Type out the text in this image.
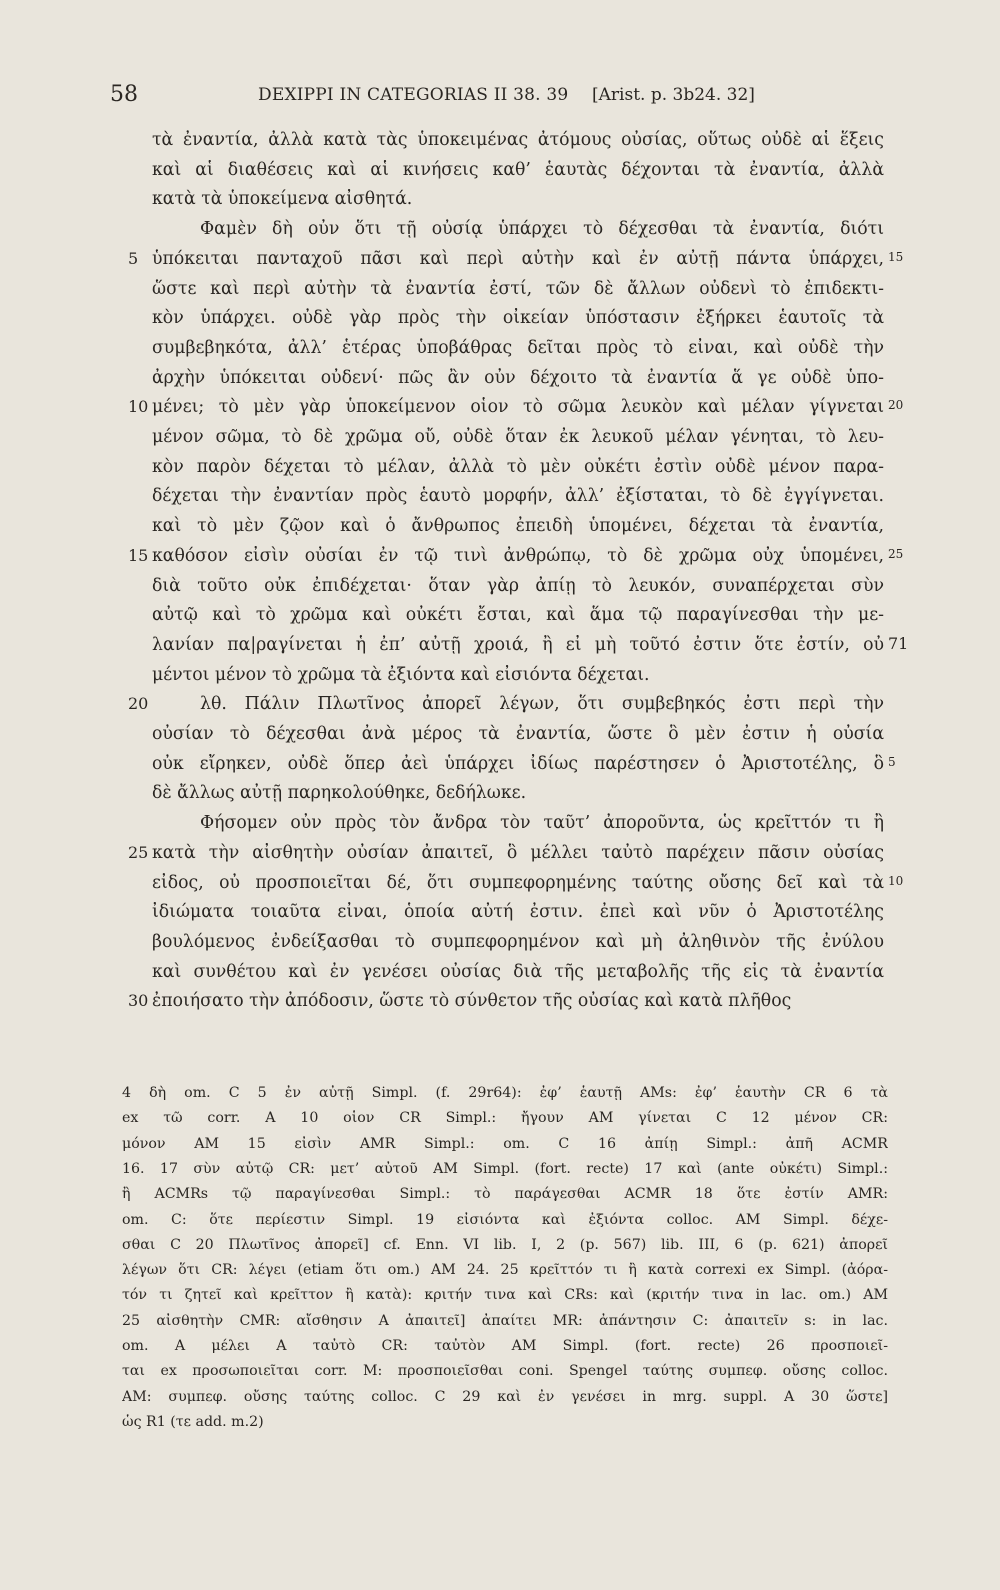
58	DEXIPPI IN CATEGORIAS II 38. 39 [Arist. p. 3b24. 32]
τὰ ἐναντία, ἀλλὰ κατὰ τὰς ὑποκειμένας ἀτόμους οὐσίας, οὕτως οὐδὲ αἱ ἕξεις
καὶ αἱ διαθέσεις καὶ αἱ κινήσεις καθ’ ἑαυτὰς δέχονται τὰ ἐναντία, ἀλλὰ
κατὰ τὰ ὑποκείμενα αἰσθητά.
Φαμὲν δὴ οὖν ὅτι τῇ οὐσίᾳ ὑπάρχει τὸ δέχεσθαι τὰ ἐναντία, διότι
5 ὑπόκειται πανταχοῦ πᾶσι καὶ περὶ αὐτὴν καὶ ἐν αὐτῇ πάντα ὑπάρχει, 15
ὥστε καὶ περὶ αὐτὴν τὰ ἐναντία ἐστί, τῶν δὲ ἄλλων οὐδενὶ τὸ ἐπιδεκτι-
κὸν ὑπάρχει. οὐδὲ γὰρ πρὸς τὴν οἰκείαν ὑπόστασιν ἐξήρκει ἑαυτοῖς τὰ
συμβεβηκότα, ἀλλ’ ἑτέρας ὑποβάθρας δεῖται πρὸς τὸ εἶναι, καὶ οὐδὲ τὴν
ἀρχὴν ὑπόκειται οὐδενί· πῶς ἂν οὖν δέχοιτο τὰ ἐναντία ἅ γε οὐδὲ ὑπο-
10 μένει; τὸ μὲν γὰρ ὑποκείμενον οἷον τὸ σῶμα λευκὸν καὶ μέλαν γίγνεται 20
μένον σῶμα, τὸ δὲ χρῶμα οὔ, οὐδὲ ὅταν ἐκ λευκοῦ μέλαν γένηται, τὸ λευ-
κὸν παρὸν δέχεται τὸ μέλαν, ἀλλὰ τὸ μὲν οὐκέτι ἐστὶν οὐδὲ μένον παρα-
δέχεται τὴν ἐναντίαν πρὸς ἑαυτὸ μορφήν, ἀλλ’ ἐξίσταται, τὸ δὲ ἐγγίγνεται.
καὶ τὸ μὲν ζῷον καὶ ὁ ἄνθρωπος ἐπειδὴ ὑπομένει, δέχεται τὰ ἐναντία,
15 καθόσον εἰσὶν οὐσίαι ἐν τῷ τινὶ ἀνθρώπῳ, τὸ δὲ χρῶμα οὐχ ὑπομένει, 25
διὰ τοῦτο οὐκ ἐπιδέχεται· ὅταν γὰρ ἀπίῃ τὸ λευκόν, συναπέρχεται σὺν
αὐτῷ καὶ τὸ χρῶμα καὶ οὐκέτι ἔσται, καὶ ἅμα τῷ παραγίνεσθαι τὴν με-
λανίαν πα|ραγίνεται ἡ ἐπ’ αὐτῇ χροιά, ἢ εἰ μὴ τοῦτό ἐστιν ὅτε ἐστίν, οὐ 71
μέντοι μένον τὸ χρῶμα τὰ ἐξιόντα καὶ εἰσιόντα δέχεται.
20	λθ. Πάλιν Πλωτῖνος ἀπορεῖ λέγων, ὅτι συμβεβηκός ἐστι περὶ τὴν
οὐσίαν τὸ δέχεσθαι ἀνὰ μέρος τὰ ἐναντία, ὥστε ὃ μὲν ἐστιν ἡ οὐσία
οὐκ εἴρηκεν, οὐδὲ ὅπερ ἀεὶ ὑπάρχει ἰδίως παρέστησεν ὁ Ἀριστοτέλης, ὃ 5
δὲ ἄλλως αὐτῇ παρηκολούθηκε, δεδήλωκε.
Φήσομεν οὖν πρὸς τὸν ἄνδρα τὸν ταῦτ’ ἀποροῦντα, ὡς κρεῖττόν τι ἢ
25 κατὰ τὴν αἰσθητὴν οὐσίαν ἀπαιτεῖ, ὃ μέλλει ταὐτὸ παρέχειν πᾶσιν οὐσίας
εἶδος, οὐ προσποιεῖται δέ, ὅτι συμπεφορημένης ταύτης οὔσης δεῖ καὶ τὰ 10
ἰδιώματα τοιαῦτα εἶναι, ὁποία αὐτή ἐστιν. ἐπεὶ καὶ νῦν ὁ Ἀριστοτέλης
βουλόμενος ἐνδείξασθαι τὸ συμπεφορημένον καὶ μὴ ἀληθινὸν τῆς ἐνύλου
καὶ συνθέτου καὶ ἐν γενέσει οὐσίας διὰ τῆς μεταβολῆς τῆς εἰς τὰ ἐναντία
30 ἐποιήσατο τὴν ἀπόδοσιν, ὥστε τὸ σύνθετον τῆς οὐσίας καὶ κατὰ πλῆθος
4 δὴ om. C 5 ἐν αὐτῇ Simpl. (f. 29r64): ἐφ’ ἑαυτῇ AMs: ἐφ’ ἑαυτὴν CR 6 τὰ
ex τῶ corr. A 10 οἷον CR Simpl.: ἤγουν AM γίνεται C 12 μένον CR:
μόνον AM 15 εἰσὶν AMR Simpl.: om. C 16 ἀπίῃ Simpl.: ἀπῆ ACMR
16. 17 σὺν αὐτῷ CR: μετ’ αὐτοῦ AM Simpl. (fort. recte) 17 καὶ (ante οὐκέτι) Simpl.:
ἢ ACMRs τῷ παραγίνεσθαι Simpl.: τὸ παράγεσθαι ACMR 18 ὅτε ἐστίν AMR:
om. C: ὅτε περίεστιν Simpl. 19 εἰσιόντα καὶ ἐξιόντα colloc. AM Simpl. δέχε-
σθαι C 20 Πλωτῖνος ἀπορεῖ] cf. Enn. VI lib. I, 2 (p. 567) lib. III, 6 (p. 621) ἀπορεῖ
λέγων ὅτι CR: λέγει (etiam ὅτι om.) AM 24. 25 κρεῖττόν τι ἢ κατὰ correxi ex Simpl. (ἀόρα-
τόν τι ζητεῖ καὶ κρεῖττον ἢ κατὰ): κριτήν τινα καὶ CRs: καὶ (κριτήν τινα in lac. om.) AM
25 αἰσθητὴν CMR: αἴσθησιν A ἀπαιτεῖ] ἀπαίτει MR: ἀπάντησιν C: ἀπαιτεῖν s: in lac.
om. A μέλει A ταὐτὸ CR: ταὐτὸν AM Simpl. (fort. recte) 26 προσποιεῖ-
ται ex προσωποιεῖται corr. M: προσποιεῖσθαι coni. Spengel ταύτης συμπεφ. οὔσης colloc.
AM: συμπεφ. οὔσης ταύτης colloc. C 29 καὶ ἐν γενέσει in mrg. suppl. A 30 ὥστε]
ὡς R1 (τε add. m.2)
